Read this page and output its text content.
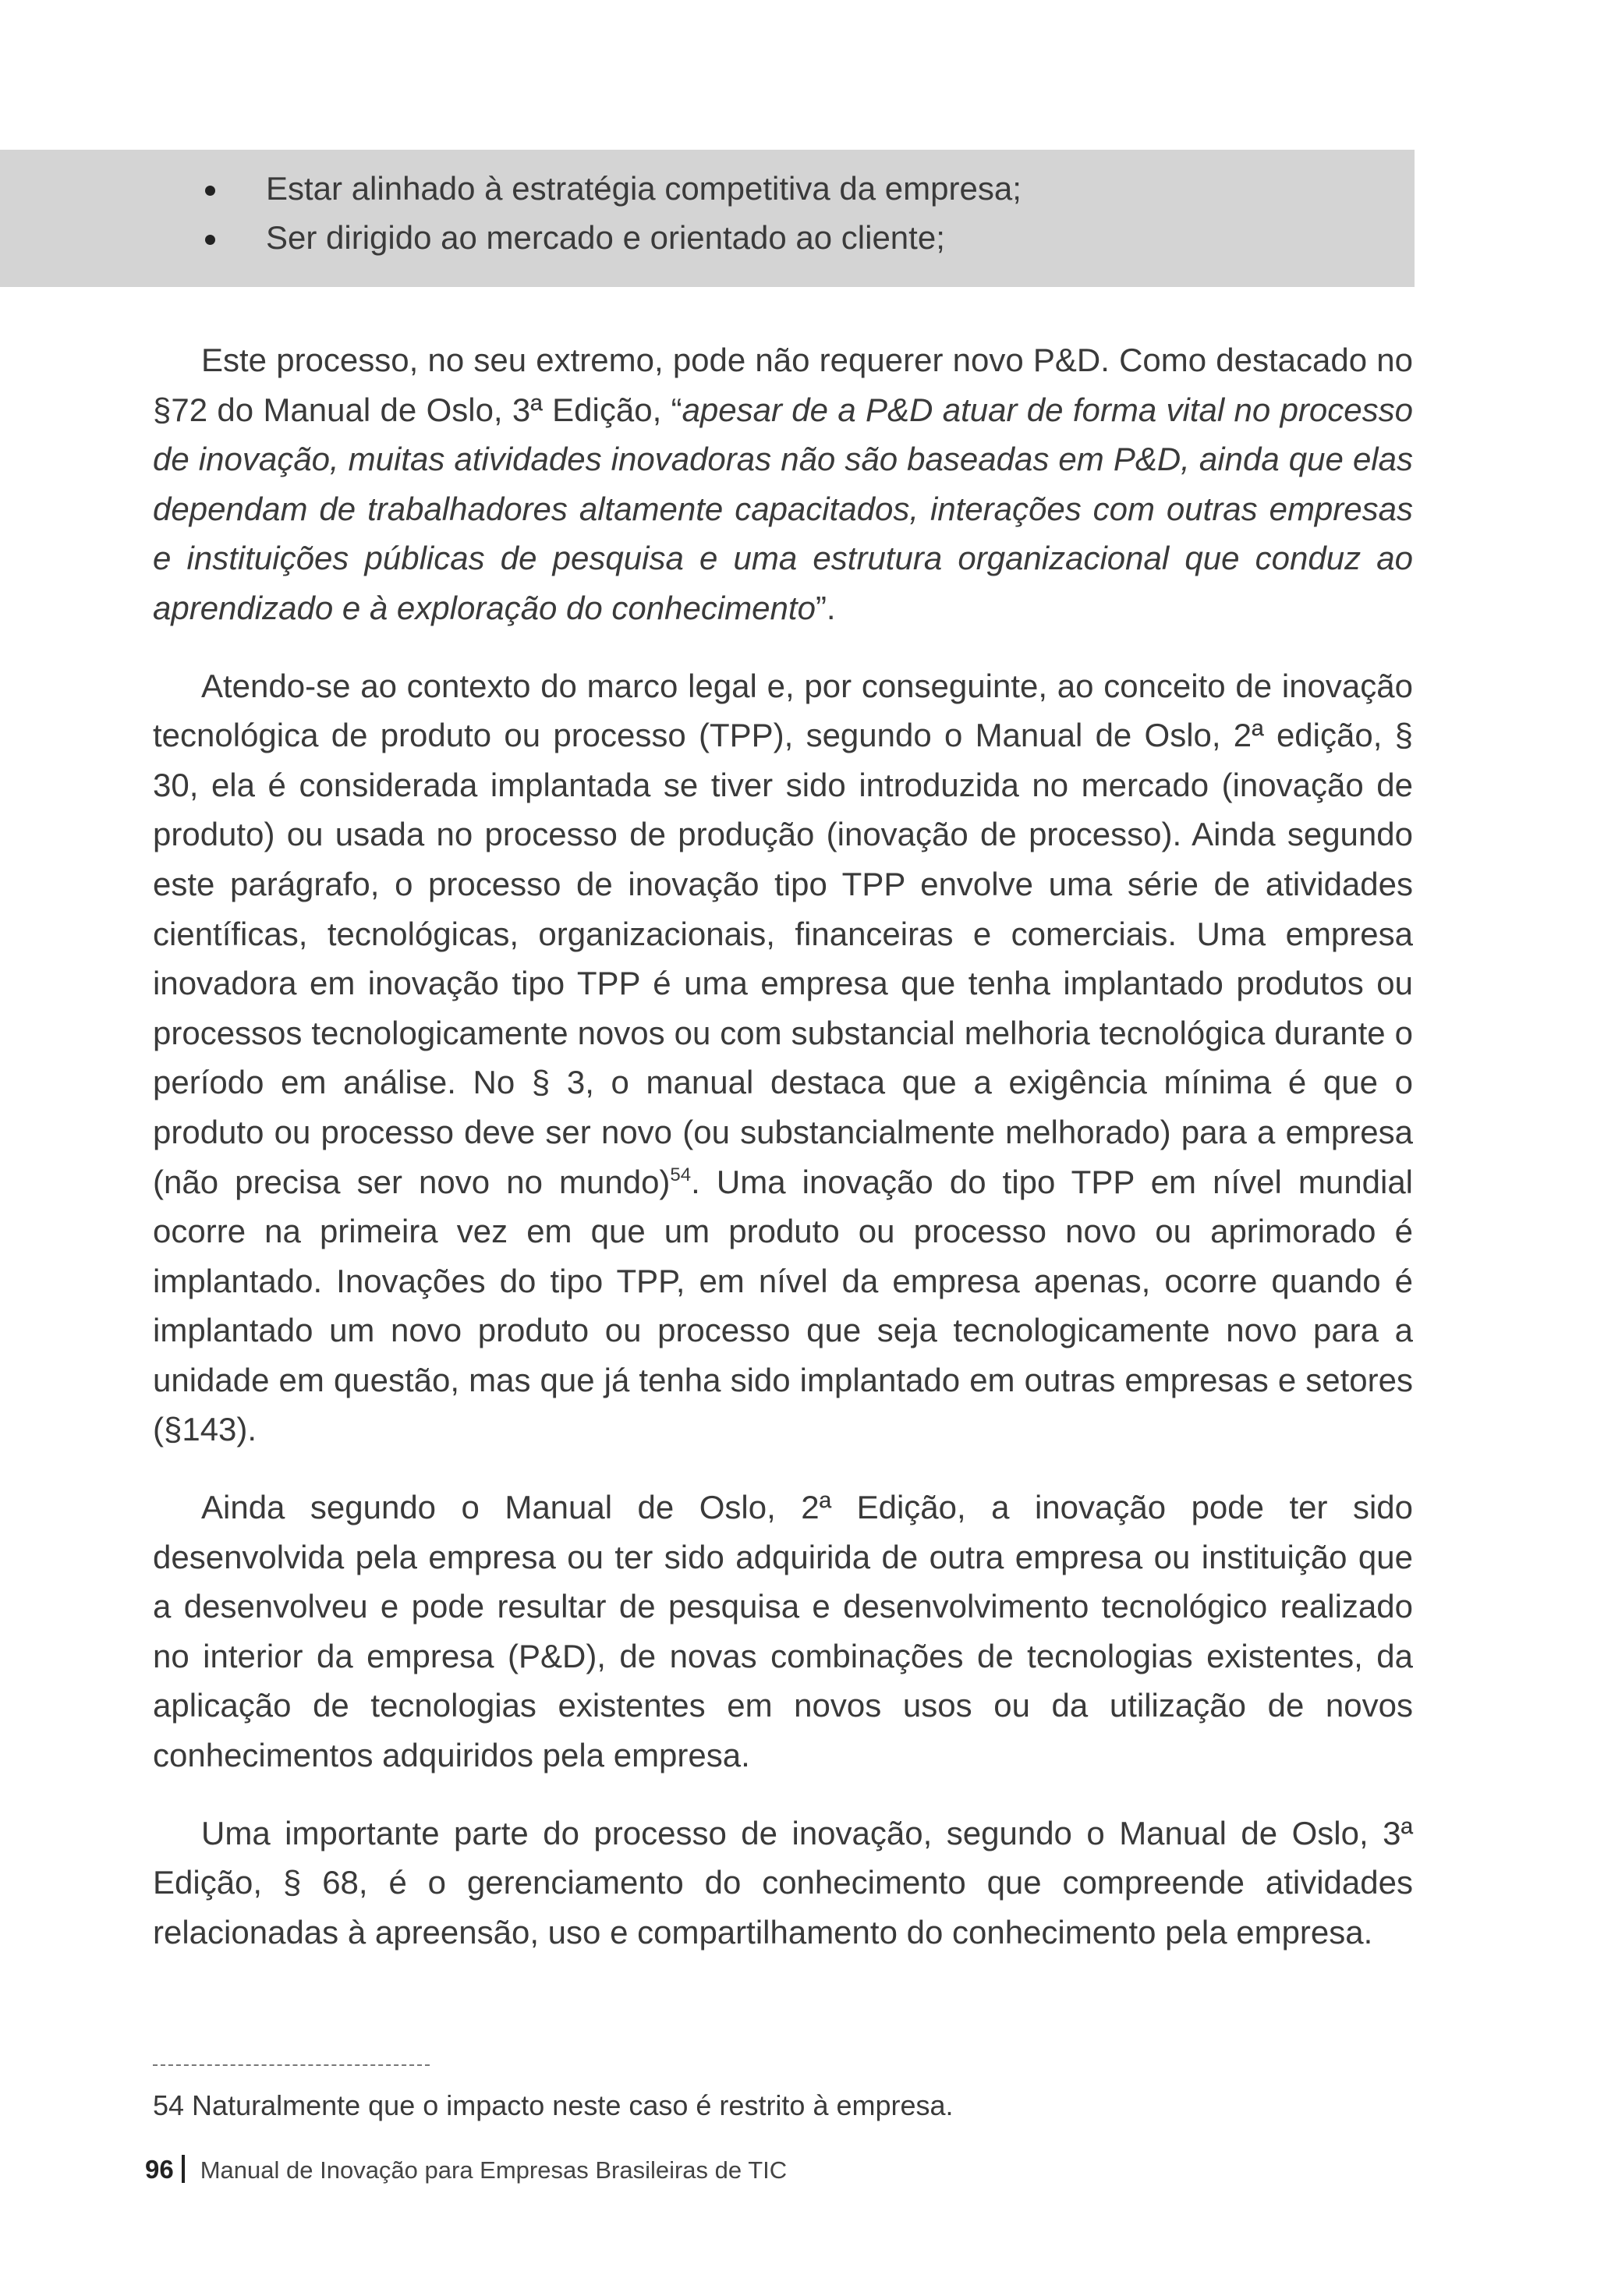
Estar alinhado à estratégia competitiva da empresa;
Ser dirigido ao mercado e orientado ao cliente;

Este processo, no seu extremo, pode não requerer novo P&D. Como destacado no §72 do Manual de Oslo, 3ª Edição, “apesar de a P&D atuar de forma vital no processo de inovação, muitas atividades inovadoras não são baseadas em P&D, ainda que elas dependam de trabalhadores altamente capacitados, interações com outras empresas e instituições públicas de pesquisa e uma estrutura organizacional que conduz ao aprendizado e à exploração do conhecimento”.

Atendo-se ao contexto do marco legal e, por conseguinte, ao conceito de inovação tecnológica de produto ou processo (TPP), segundo o Manual de Oslo, 2ª edição, § 30, ela é considerada implantada se tiver sido introduzida no mercado (inovação de produto) ou usada no processo de produção (inovação de processo). Ainda segundo este parágrafo, o processo de inovação tipo TPP envolve uma série de atividades científicas, tecnológicas, organizacionais, financeiras e comerciais. Uma empresa inovadora em inovação tipo TPP é uma empresa que tenha implantado produtos ou processos tecnologicamente novos ou com substancial melhoria tecnológica durante o período em análise. No § 3, o manual destaca que a exigência mínima é que o produto ou processo deve ser novo (ou substancialmente melhorado) para a empresa (não precisa ser novo no mundo)$^{54}$. Uma inovação do tipo TPP em nível mundial ocorre na primeira vez em que um produto ou processo novo ou aprimorado é implantado. Inovações do tipo TPP, em nível da empresa apenas, ocorre quando é implantado um novo produto ou processo que seja tecnologicamente novo para a unidade em questão, mas que já tenha sido implantado em outras empresas e setores (§143).

Ainda segundo o Manual de Oslo, 2ª Edição, a inovação pode ter sido desenvolvida pela empresa ou ter sido adquirida de outra empresa ou instituição que a desenvolveu e pode resultar de pesquisa e desenvolvimento tecnológico realizado no interior da empresa (P&D), de novas combinações de tecnologias existentes, da aplicação de tecnologias existentes em novos usos ou da utilização de novos conhecimentos adquiridos pela empresa.

Uma importante parte do processo de inovação, segundo o Manual de Oslo, 3ª Edição, § 68, é o gerenciamento do conhecimento que compreende atividades relacionadas à apreensão, uso e compartilhamento do conhecimento pela empresa.

54 Naturalmente que o impacto neste caso é restrito à empresa.
96 Manual de Inovação para Empresas Brasileiras de TIC
